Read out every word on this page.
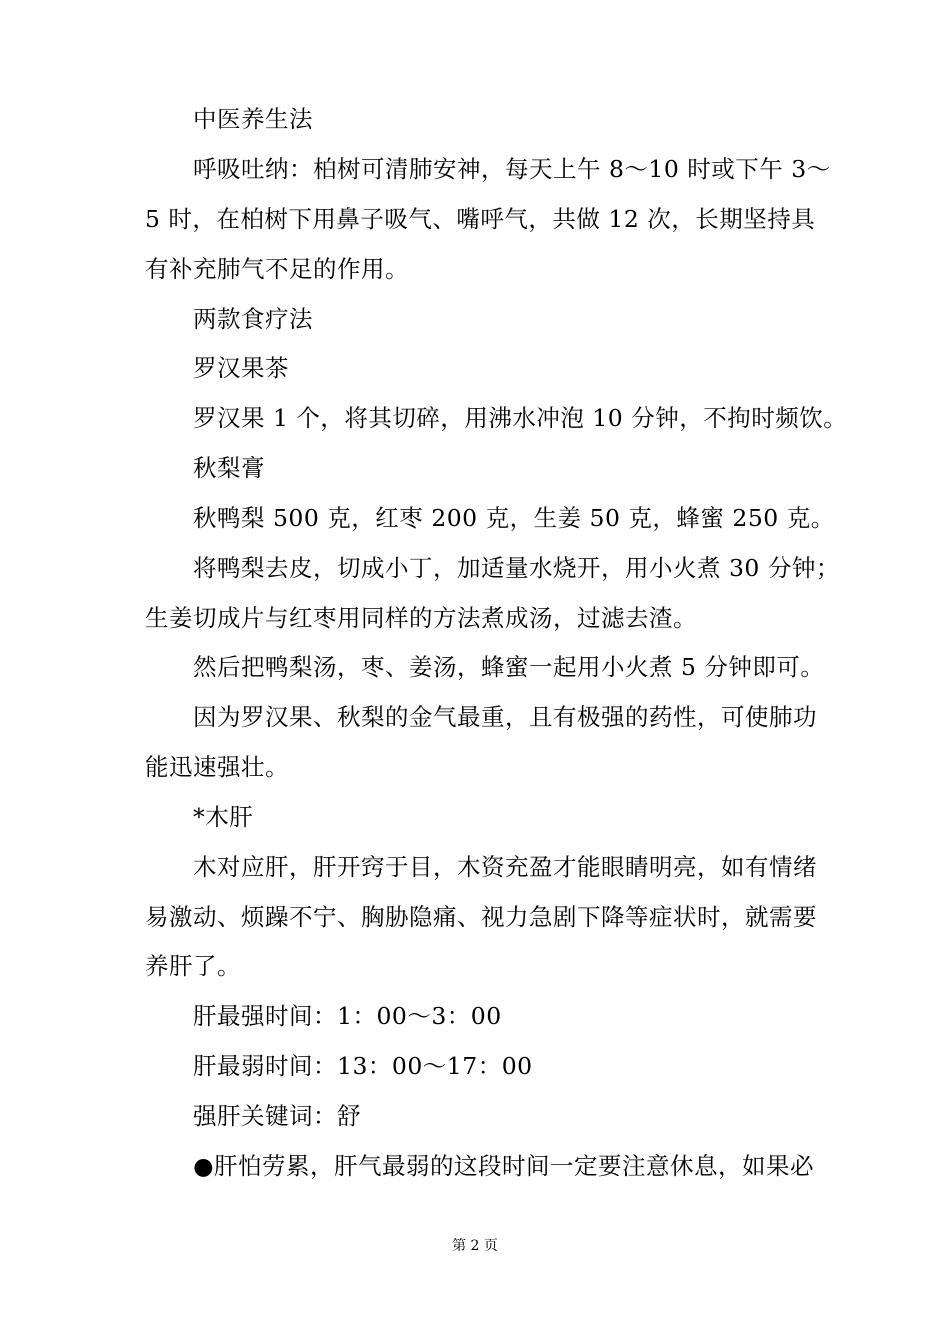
中医养生法
呼吸吐纳：柏树可清肺安神，每天上午 8～10 时或下午 3～
5 时，在柏树下用鼻子吸气、嘴呼气，共做 12 次，长期坚持具
有补充肺气不足的作用。
两款食疗法
罗汉果茶
罗汉果 1 个，将其切碎，用沸水冲泡 10 分钟，不拘时频饮。
秋梨膏
秋鸭梨 500 克，红枣 200 克，生姜 50 克，蜂蜜 250 克。
将鸭梨去皮，切成小丁，加适量水烧开，用小火煮 30 分钟；
生姜切成片与红枣用同样的方法煮成汤，过滤去渣。
然后把鸭梨汤，枣、姜汤，蜂蜜一起用小火煮 5 分钟即可。
因为罗汉果、秋梨的金气最重，且有极强的药性，可使肺功
能迅速强壮。
*木肝
木对应肝，肝开窍于目，木资充盈才能眼睛明亮，如有情绪
易激动、烦躁不宁、胸胁隐痛、视力急剧下降等症状时，就需要
养肝了。
肝最强时间：1：00～3：00
肝最弱时间：13：00～17：00
强肝关键词：舒
●肝怕劳累，肝气最弱的这段时间一定要注意休息，如果必
第 2 页
